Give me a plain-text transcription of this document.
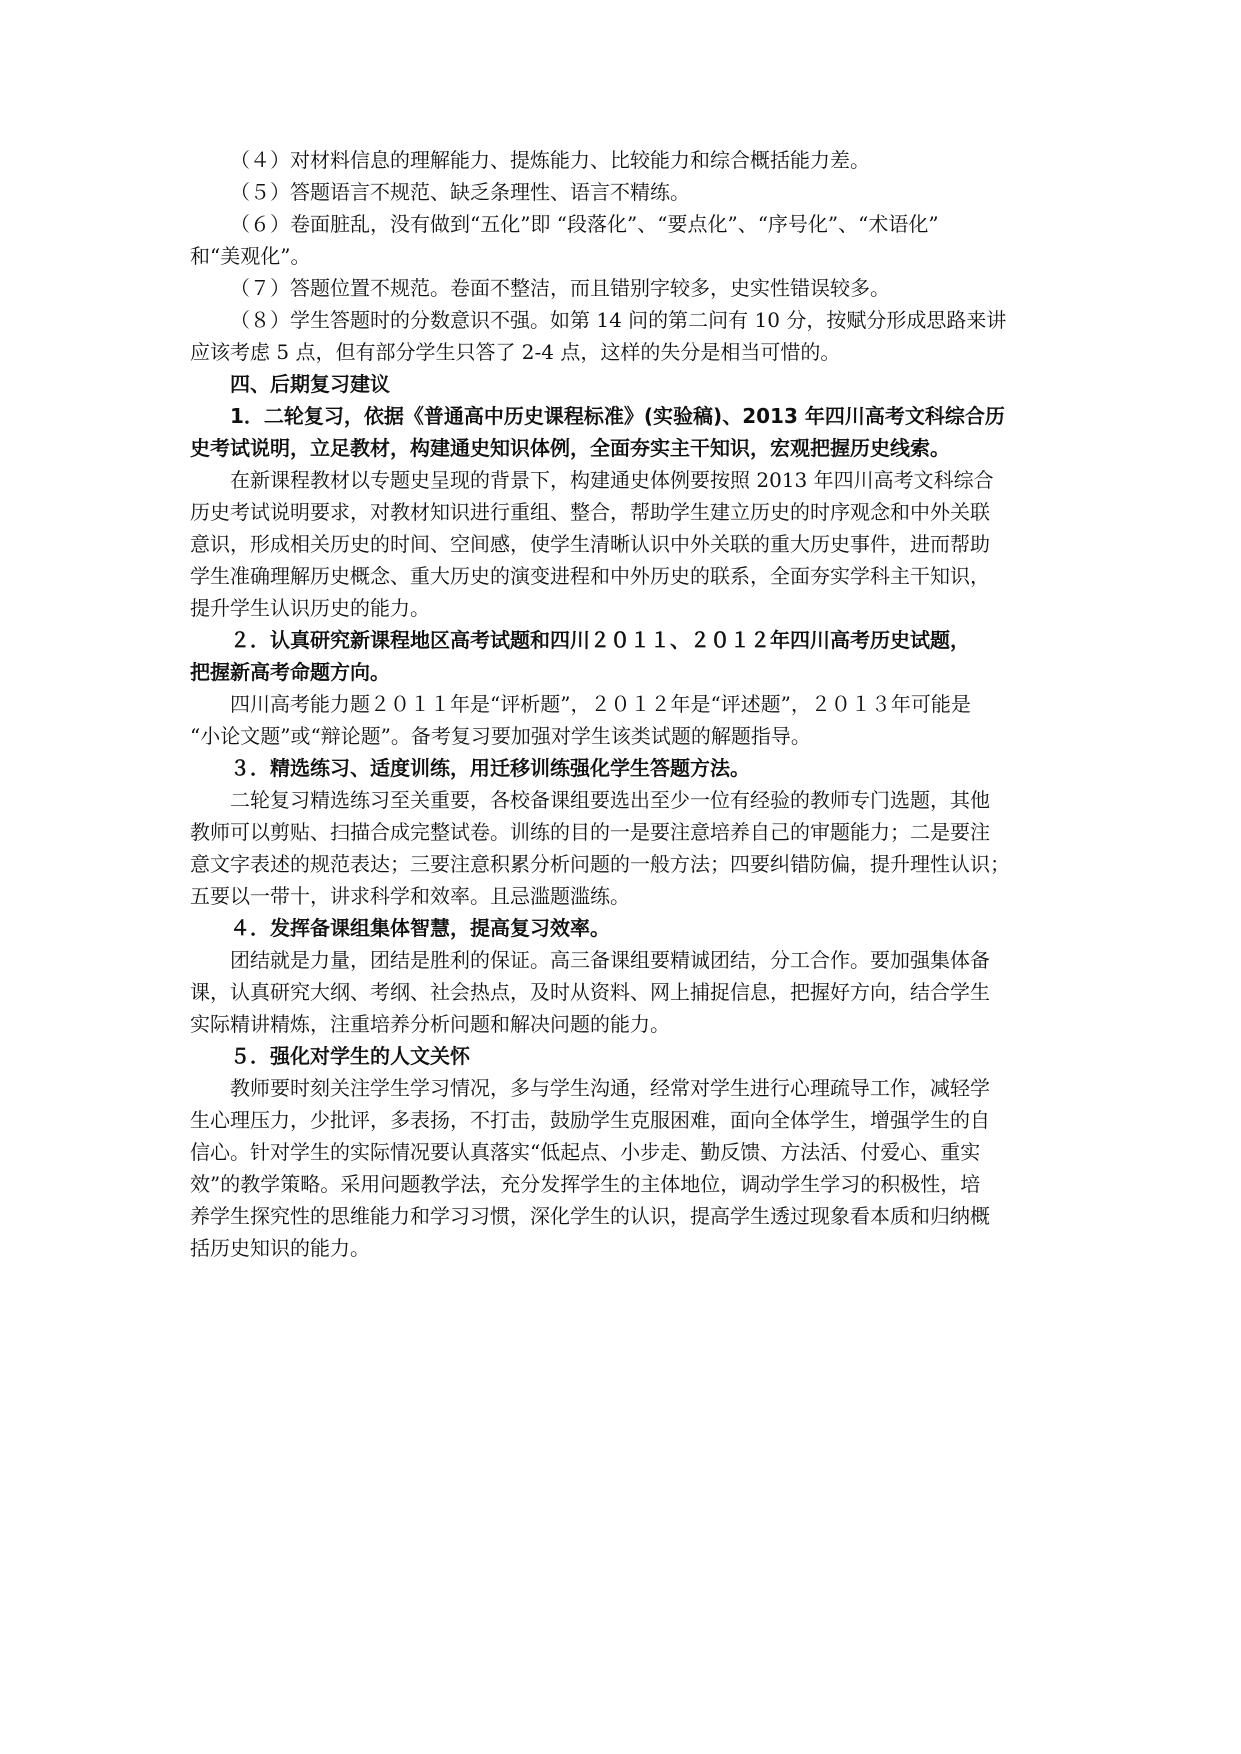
（４）对材料信息的理解能力、提炼能力、比较能力和综合概括能力差。
（５）答题语言不规范、缺乏条理性、语言不精练。
（６）卷面脏乱，没有做到“五化”即 “段落化”、“要点化”、“序号化”、“术语化”
和“美观化”。
（７）答题位置不规范。卷面不整洁，而且错别字较多，史实性错误较多。
（８）学生答题时的分数意识不强。如第 14 问的第二问有 10 分，按赋分形成思路来讲
应该考虑 5 点，但有部分学生只答了 2-4 点，这样的失分是相当可惜的。
四、后期复习建议
1．二轮复习，依据《普通高中历史课程标准》(实验稿)、2013 年四川高考文科综合历
史考试说明，立足教材，构建通史知识体例，全面夯实主干知识，宏观把握历史线索。
在新课程教材以专题史呈现的背景下，构建通史体例要按照 2013 年四川高考文科综合
历史考试说明要求，对教材知识进行重组、整合，帮助学生建立历史的时序观念和中外关联
意识，形成相关历史的时间、空间感，使学生清晰认识中外关联的重大历史事件，进而帮助
学生准确理解历史概念、重大历史的演变进程和中外历史的联系，全面夯实学科主干知识，
提升学生认识历史的能力。
２．认真研究新课程地区高考试题和四川２０１１、２０１２年四川高考历史试题，
把握新高考命题方向。
四川高考能力题２０１１年是“评析题”，２０１２年是“评述题”，２０１３年可能是
“小论文题”或“辩论题”。备考复习要加强对学生该类试题的解题指导。
３．精选练习、适度训练，用迁移训练强化学生答题方法。
二轮复习精选练习至关重要，各校备课组要选出至少一位有经验的教师专门选题，其他
教师可以剪贴、扫描合成完整试卷。训练的目的一是要注意培养自己的审题能力；二是要注
意文字表述的规范表达；三要注意积累分析问题的一般方法；四要纠错防偏，提升理性认识；
五要以一带十，讲求科学和效率。且忌滥题滥练。
４．发挥备课组集体智慧，提高复习效率。
团结就是力量，团结是胜利的保证。高三备课组要精诚团结，分工合作。要加强集体备
课，认真研究大纲、考纲、社会热点，及时从资料、网上捕捉信息，把握好方向，结合学生
实际精讲精炼，注重培养分析问题和解决问题的能力。
５．强化对学生的人文关怀
教师要时刻关注学生学习情况，多与学生沟通，经常对学生进行心理疏导工作，减轻学
生心理压力，少批评，多表扬，不打击，鼓励学生克服困难，面向全体学生，增强学生的自
信心。针对学生的实际情况要认真落实“低起点、小步走、勤反馈、方法活、付爱心、重实
效”的教学策略。采用问题教学法，充分发挥学生的主体地位，调动学生学习的积极性，培
养学生探究性的思维能力和学习习惯，深化学生的认识，提高学生透过现象看本质和归纳概
括历史知识的能力。
